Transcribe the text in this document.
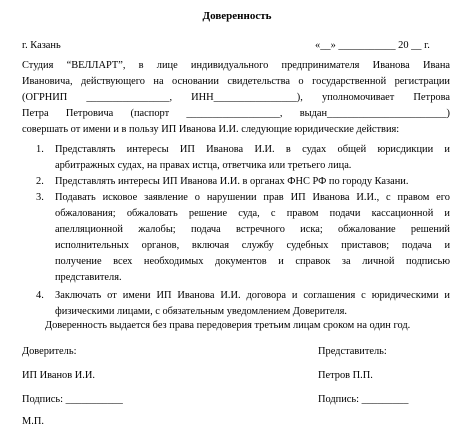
Доверенность
г. Казань	«__» ___________ 20 __ г.
Студия “ВЕЛЛАРТ”, в лице индивидуального предпринимателя Иванова Ивана
Ивановича, действующего на основании свидетельства о государственной регистрации
(ОГРНИП ________________, ИНН________________), уполномочивает Петрова
Петра Петровича (паспорт __________________, выдан_______________________)
совершать от имени и в пользу ИП Иванова И.И. следующие юридические действия:
1. Представлять интересы ИП Иванова И.И. в судах общей юрисдикции и
арбитражных судах, на правах истца, ответчика или третьего лица.
2. Представлять интересы ИП Иванова И.И. в органах ФНС РФ по городу Казани.
3. Подавать исковое заявление о нарушении прав ИП Иванова И.И., с правом его
обжалования; обжаловать решение суда, с правом подачи кассационной и
апелляционной жалобы; подача встречного иска; обжалование решений
исполнительных органов, включая службу судебных приставов; подача и
получение всех необходимых документов и справок за личной подписью
представителя.
4. Заключать от имени ИП Иванова И.И. договора и соглашения с юридическими и
физическими лицами, с обязательным уведомлением Доверителя.
Доверенность выдается без права передоверия третьим лицам сроком на один год.
Доверитель:	Представитель:
ИП Иванов И.И.	Петров П.П.
Подпись: ___________	Подпись: _________
М.П.
